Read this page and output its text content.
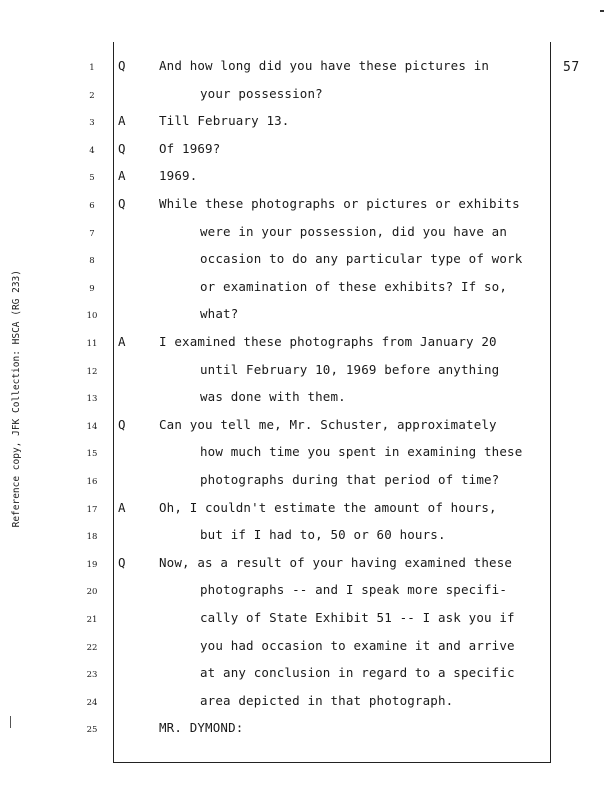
57
Reference copy, JFK Collection: HSCA (RG 233)
1	Q	And how long did you have these pictures in
2	your possession?
3	A	Till February 13.
4	Q	Of 1969?
5	A	1969.
6	Q	While these photographs or pictures or exhibits
7	were in your possession, did you have an
8	occasion to do any particular type of work
9	or examination of these exhibits? If so,
10	what?
11	A	I examined these photographs from January 20
12	until February 10, 1969 before anything
13	was done with them.
14	Q	Can you tell me, Mr. Schuster, approximately
15	how much time you spent in examining these
16	photographs during that period of time?
17	A	Oh, I couldn't estimate the amount of hours,
18	but if I had to, 50 or 60 hours.
19	Q	Now, as a result of your having examined these
20	photographs -- and I speak more specifi-
21	cally of State Exhibit 51 -- I ask you if
22	you had occasion to examine it and arrive
23	at any conclusion in regard to a specific
24	area depicted in that photograph.
25	MR. DYMOND:
